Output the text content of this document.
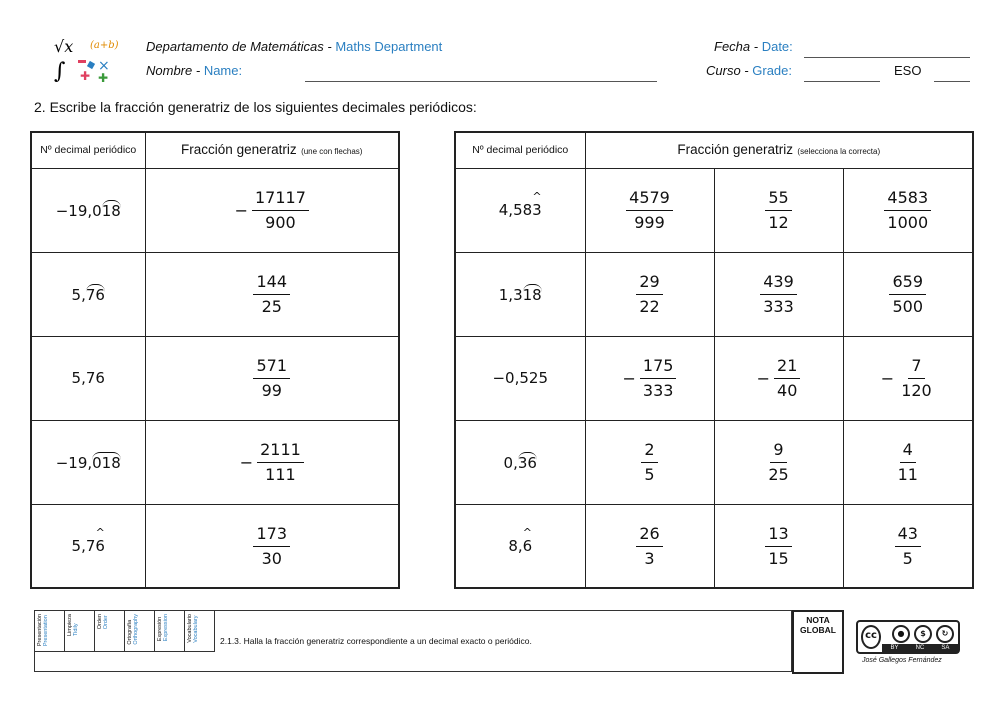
√x (a+b)
∫ ×
✚ ✚
Departamento de Matemáticas - Maths Department
Nombre - Name:
Fecha - Date:
Curso - Grade:	ESO
2. Escribe la fracción generatriz de los siguientes decimales periódicos:
Nº decimal periódico	Fracción generatriz (une con flechas)
−19,018	− $\frac{17117}{900}$

5,76	$\frac{144}{25}$

5,76	$\frac{571}{99}$

−19,018	− $\frac{2111}{111}$

5,76 ^	$\frac{173}{30}$
Nº decimal periódico	Fracción generatriz (selecciona la correcta)		
4,583 ^	$\frac{4579}{999}$	$\frac{55}{12}$	$\frac{4583}{1000}$

1,318	$\frac{29}{22}$	$\frac{439}{333}$	$\frac{659}{500}$

−0,525	− $\frac{175}{333}$	− $\frac{21}{40}$	− $\frac{7}{120}$

0,36	$\frac{2}{5}$	$\frac{9}{25}$	$\frac{4}{11}$

8,6 ^	$\frac{26}{3}$	$\frac{13}{15}$	$\frac{43}{5}$
Presentación
Presentation	Limpieza
Tidily
Orden
Order	Ortografía
Orthography	Expresión
Expression	Vocabulario
Vocabulary 2.1.3. Halla la fracción generatriz correspondiente a un decimal exacto o periódico.
NOTA
GLOBAL	cc	●	$	↻
BY	NC	SA
José Gallegos Fernández
